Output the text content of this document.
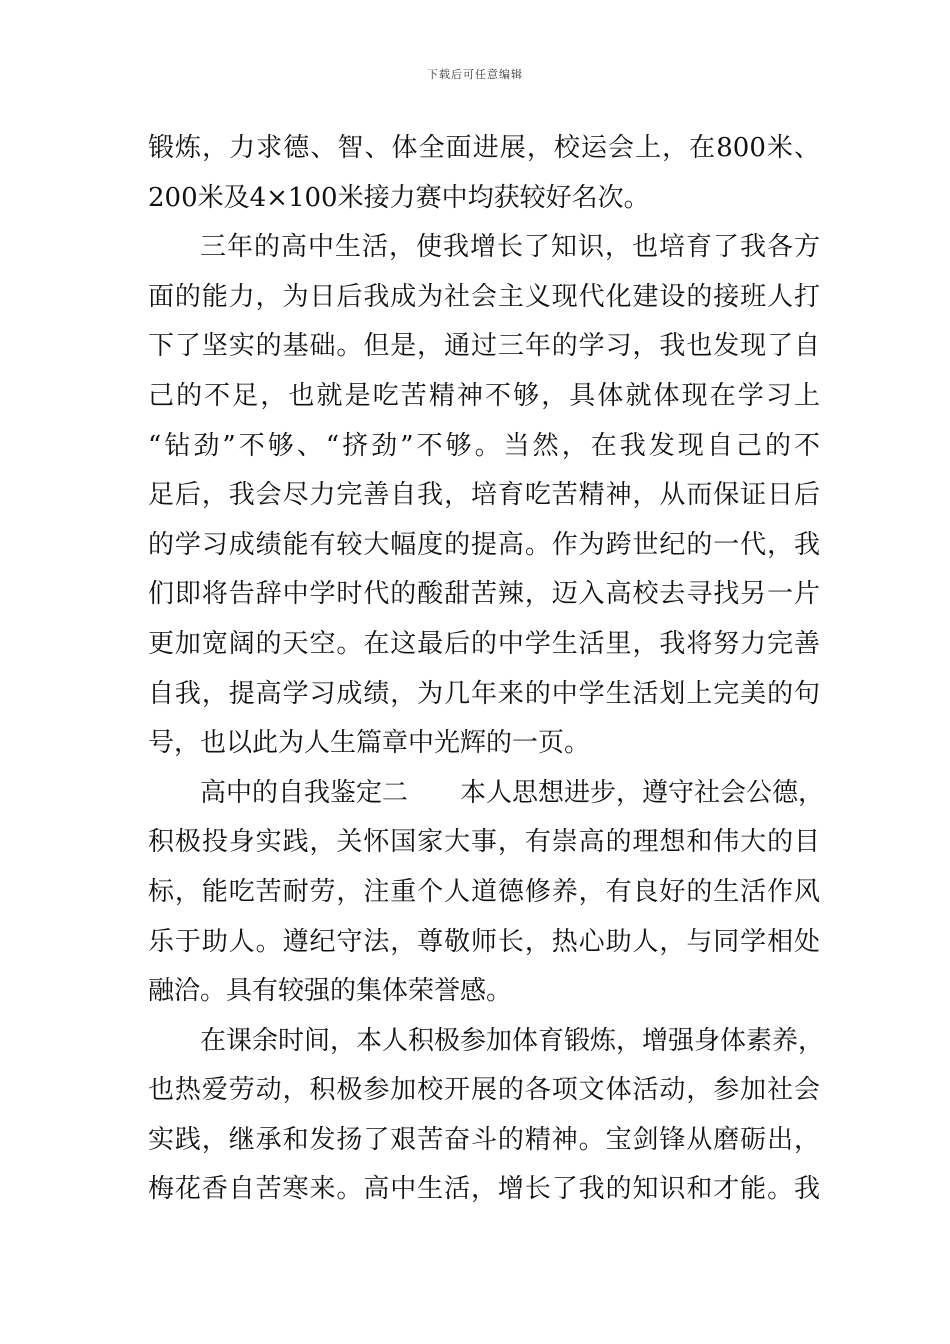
下载后可任意编辑
锻炼，力求德、智、体全面进展，校运会上，在800米、
200米及4×100米接力赛中均获较好名次。
三年的高中生活，使我增长了知识，也培育了我各方
面的能力，为日后我成为社会主义现代化建设的接班人打
下了坚实的基础。但是，通过三年的学习，我也发现了自
己的不足，也就是吃苦精神不够，具体就体现在学习上
“钻劲”不够、“挤劲”不够。当然，在我发现自己的不
足后，我会尽力完善自我，培育吃苦精神，从而保证日后
的学习成绩能有较大幅度的提高。作为跨世纪的一代，我
们即将告辞中学时代的酸甜苦辣，迈入高校去寻找另一片
更加宽阔的天空。在这最后的中学生活里，我将努力完善
自我，提高学习成绩，为几年来的中学生活划上完美的句
号，也以此为人生篇章中光辉的一页。
高中的自我鉴定二　　本人思想进步，遵守社会公德，
积极投身实践，关怀国家大事，有崇高的理想和伟大的目
标，能吃苦耐劳，注重个人道德修养，有良好的生活作风
乐于助人。遵纪守法，尊敬师长，热心助人，与同学相处
融洽。具有较强的集体荣誉感。
在课余时间，本人积极参加体育锻炼，增强身体素养，
也热爱劳动，积极参加校开展的各项文体活动，参加社会
实践，继承和发扬了艰苦奋斗的精神。宝剑锋从磨砺出，
梅花香自苦寒来。高中生活，增长了我的知识和才能。我
